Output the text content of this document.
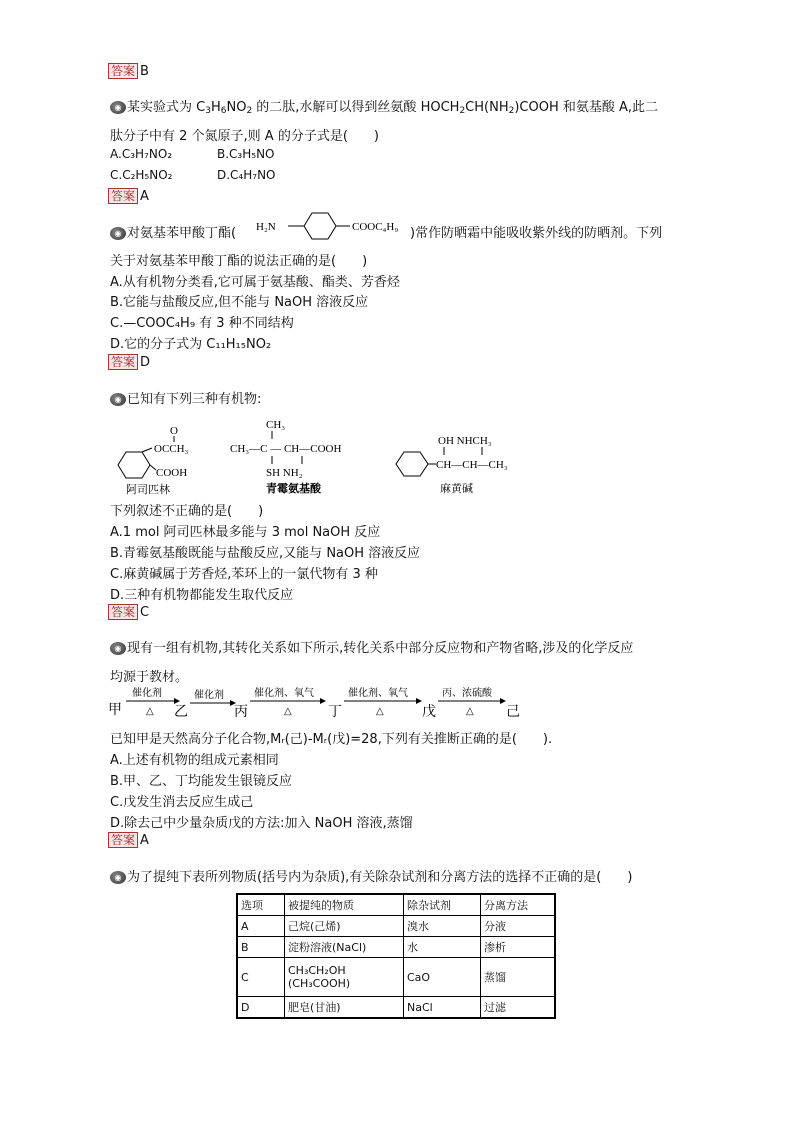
答案 B
◉ 某实验式为 $C_3H_6NO_2$ 的二肽,水解可以得到丝氨酸 $HOCH_2CH(NH_2)COOH$ 和氨基酸 A,此二
肽分子中有 2 个氮原子,则 A 的分子式是(　　)
A.C₃H₇NO₂	B.C₃H₅NO
C.C₂H₅NO₂	D.C₄H₇NO
答案 A
◉ 对氨基苯甲酸丁酯( H₂N	COOC₄H₉ )常作防晒霜中能吸收紫外线的防晒剂。下列
关于对氨基苯甲酸丁酯的说法正确的是(　　)
A.从有机物分类看,它可属于氨基酸、酯类、芳香烃
B.它能与盐酸反应,但不能与 NaOH 溶液反应
C.—COOC₄H₉ 有 3 种不同结构
D.它的分子式为 C₁₁H₁₅NO₂
答案 D
◉ 已知有下列三种有机物:
O
OCCH₃
COOH
阿司匹林
CH₃
CH₃—C — CH—COOH
SH NH₂
青霉氨基酸
OH NHCH₃
CH—CH—CH₃
麻黄碱
下列叙述不正确的是(　　)
A.1 mol 阿司匹林最多能与 3 mol NaOH 反应
B.青霉氨基酸既能与盐酸反应,又能与 NaOH 溶液反应
C.麻黄碱属于芳香烃,苯环上的一氯代物有 3 种
D.三种有机物都能发生取代反应
答案 C
◉ 现有一组有机物,其转化关系如下所示,转化关系中部分反应物和产物省略,涉及的化学反应
均源于教材。
甲
催化剂
△ 乙
催化剂
丙
催化剂、氧气
△	丁
催化剂、氧气
△	戊
丙、浓硫酸
△ 己
已知甲是天然高分子化合物,Mᵣ(己)-Mᵣ(戊)=28,下列有关推断正确的是(　　).
A.上述有机物的组成元素相同
B.甲、乙、丁均能发生银镜反应
C.戊发生消去反应生成己
D.除去己中少量杂质戊的方法:加入 NaOH 溶液,蒸馏
答案 A
◉ 为了提纯下表所列物质(括号内为杂质),有关除杂试剂和分离方法的选择不正确的是(　　)
选项	被提纯的物质	除杂试剂	分离方法
A	己烷(己烯)	溴水	分液
B	淀粉溶液(NaCl)	水	渗析
C	CH₃CH₂OH
(CH₃COOH)	CaO	蒸馏
D	肥皂(甘油)	NaCl	过滤
